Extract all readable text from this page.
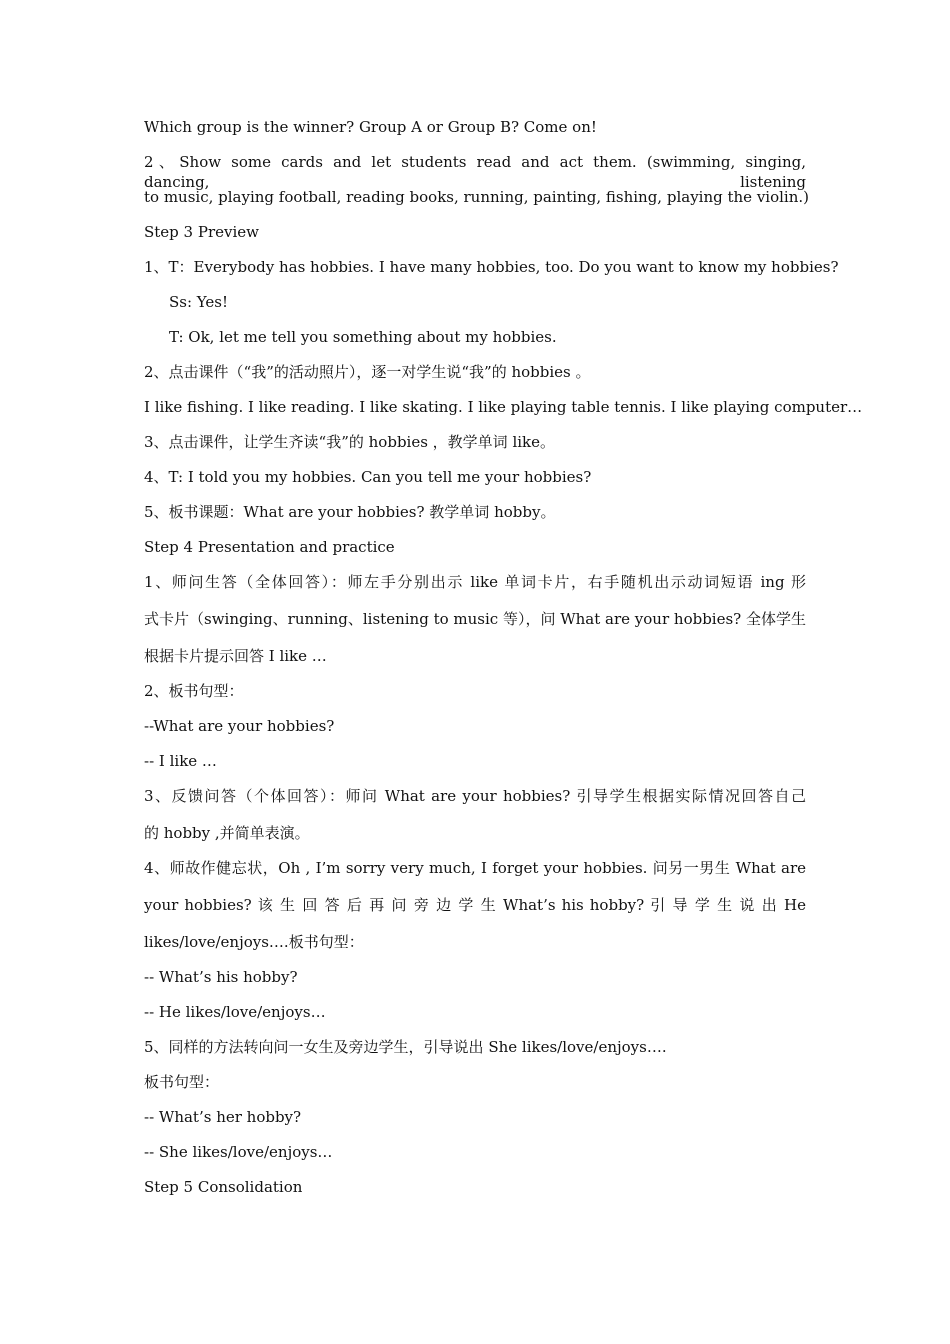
Which group is the winner? Group A or Group B? Come on!
2、Show some cards and let students read and act them. (swimming, singing, dancing, listening
to music, playing football, reading books, running, painting, fishing, playing the violin.)
Step 3 Preview
1、T：Everybody has hobbies. I have many hobbies, too. Do you want to know my hobbies?
Ss: Yes!
T: Ok, let me tell you something about my hobbies.
2、点击课件（“我”的活动照片），逐一对学生说“我”的 hobbies 。
I like fishing. I like reading. I like skating. I like playing table tennis. I like playing computer…
3、点击课件，让学生齐读“我”的 hobbies ，教学单词 like。
4、T: I told you my hobbies. Can you tell me your hobbies?
5、板书课题：What are your hobbies? 教学单词 hobby。
Step 4 Presentation and practice
1、师问生答（全体回答）：师左手分别出示 like 单词卡片，右手随机出示动词短语 ing 形
式卡片（swinging、running、listening to music 等），问 What are your hobbies? 全体学生
根据卡片提示回答 I like …
2、板书句型：
--What are your hobbies?
-- I like …
3、反馈问答（个体回答）：师问 What are your hobbies? 引导学生根据实际情况回答自己
的 hobby ,并简单表演。
4、师故作健忘状，Oh , I’m sorry very much, I forget your hobbies. 问另一男生 What are
your hobbies? 该 生 回 答 后 再 问 旁 边 学 生 What’s his hobby? 引 导 学 生 说 出 He
likes/love/enjoys….板书句型：
-- What’s his hobby?
-- He likes/love/enjoys…
5、同样的方法转向问一女生及旁边学生，引导说出 She likes/love/enjoys….
板书句型：
-- What’s her hobby?
-- She likes/love/enjoys…
Step 5 Consolidation
